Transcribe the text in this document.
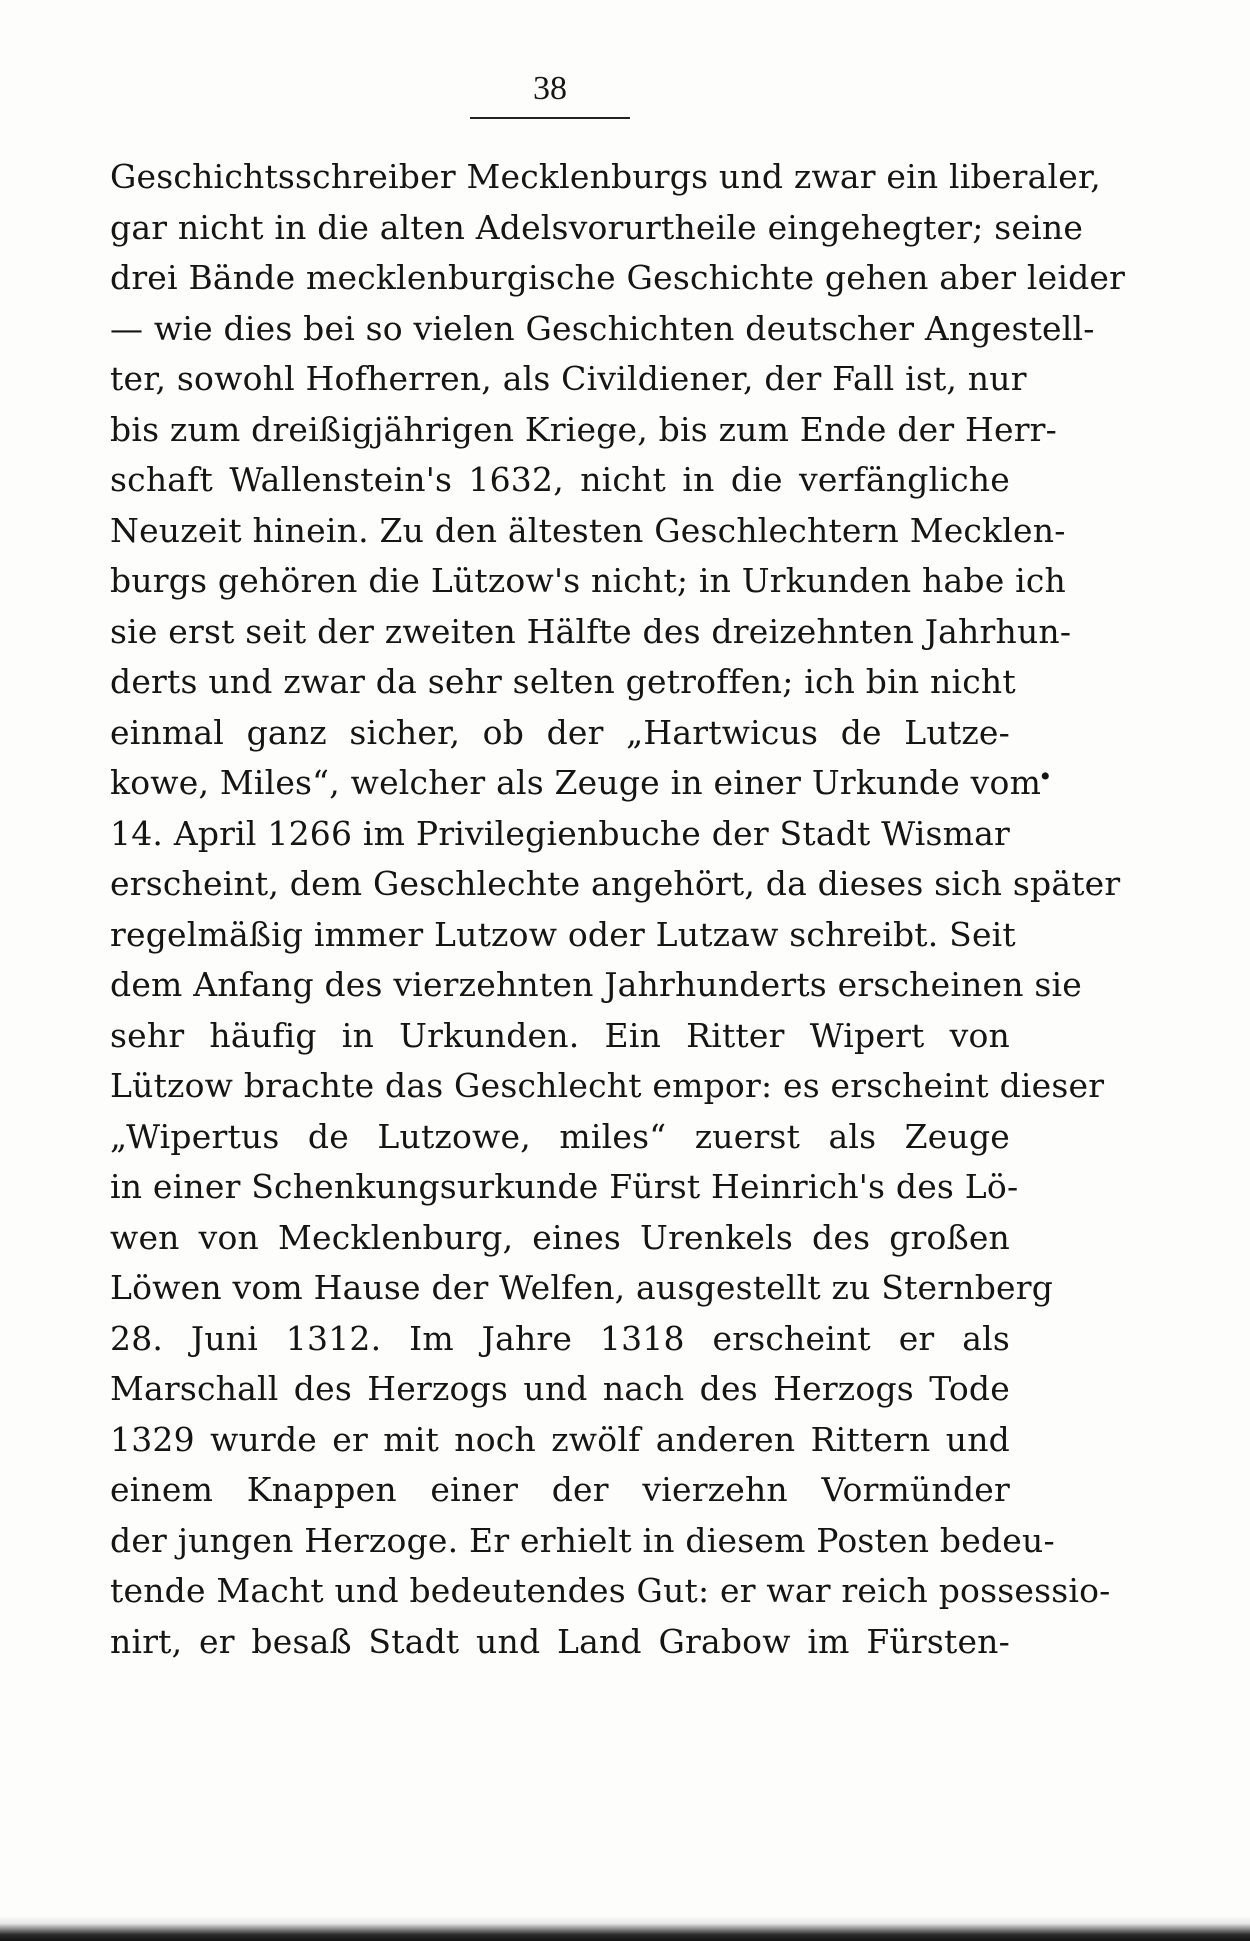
38
Geschichtsschreiber Mecklenburgs und zwar ein liberaler,
gar nicht in die alten Adelsvorurtheile eingehegter; seine
drei Bände mecklenburgische Geschichte gehen aber leider
— wie dies bei so vielen Geschichten deutscher Angestell-
ter, sowohl Hofherren, als Civildiener, der Fall ist, nur
bis zum dreißigjährigen Kriege, bis zum Ende der Herr-
schaft Wallenstein's 1632, nicht in die verfängliche
Neuzeit hinein. Zu den ältesten Geschlechtern Mecklen-
burgs gehören die Lützow's nicht; in Urkunden habe ich
sie erst seit der zweiten Hälfte des dreizehnten Jahrhun-
derts und zwar da sehr selten getroffen; ich bin nicht
einmal ganz sicher, ob der „Hartwicus de Lutze-
kowe, Miles“, welcher als Zeuge in einer Urkunde vom
14. April 1266 im Privilegienbuche der Stadt Wismar
erscheint, dem Geschlechte angehört, da dieses sich später
regelmäßig immer Lutzow oder Lutzaw schreibt. Seit
dem Anfang des vierzehnten Jahrhunderts erscheinen sie
sehr häufig in Urkunden. Ein Ritter Wipert von
Lützow brachte das Geschlecht empor: es erscheint dieser
„Wipertus de Lutzowe, miles“ zuerst als Zeuge
in einer Schenkungsurkunde Fürst Heinrich's des Lö-
wen von Mecklenburg, eines Urenkels des großen
Löwen vom Hause der Welfen, ausgestellt zu Sternberg
28. Juni 1312. Im Jahre 1318 erscheint er als
Marschall des Herzogs und nach des Herzogs Tode
1329 wurde er mit noch zwölf anderen Rittern und
einem Knappen einer der vierzehn Vormünder
der jungen Herzoge. Er erhielt in diesem Posten bedeu-
tende Macht und bedeutendes Gut: er war reich possessio-
nirt, er besaß Stadt und Land Grabow im Fürsten-
•
